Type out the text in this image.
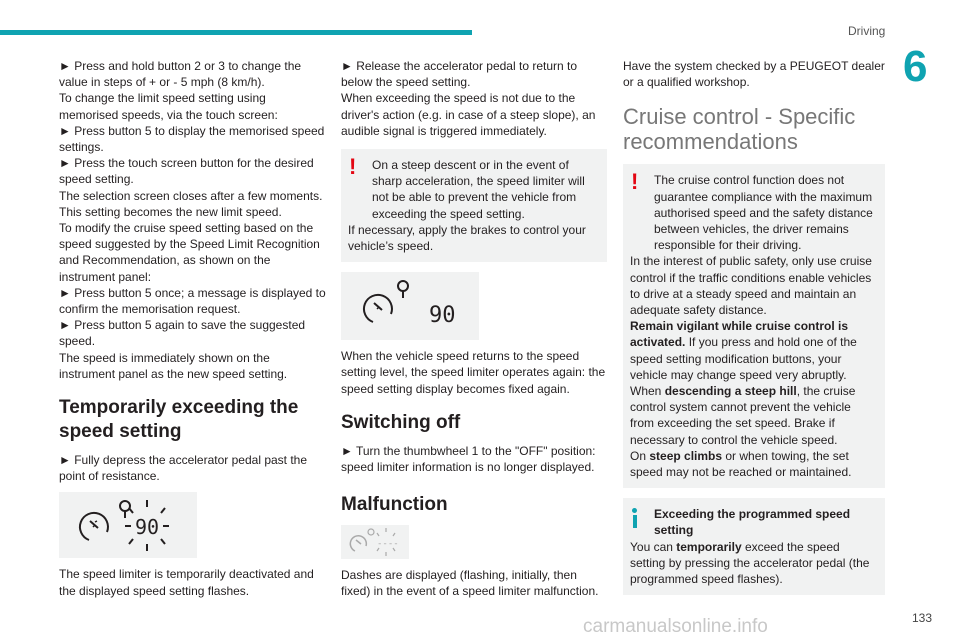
Driving
6
133
carmanualsonline.info

► Press and hold button 2 or 3 to change the value in steps of + or - 5 mph (8 km/h).

To change the limit speed setting using memorised speeds, via the touch screen:

► Press button 5 to display the memorised speed settings.

► Press the touch screen button for the desired speed setting.

The selection screen closes after a few moments.

This setting becomes the new limit speed.

To modify the cruise speed setting based on the speed suggested by the Speed Limit Recognition and Recommendation, as shown on the instrument panel:

► Press button 5 once; a message is displayed to confirm the memorisation request.

► Press button 5 again to save the suggested speed.

The speed is immediately shown on the instrument panel as the new speed setting.

Temporarily exceeding the speed setting

► Fully depress the accelerator pedal past the point of resistance.

90

The speed limiter is temporarily deactivated and the displayed speed setting flashes.

► Release the accelerator pedal to return to below the speed setting.

When exceeding the speed is not due to the driver's action (e.g. in case of a steep slope), an audible signal is triggered immediately.

!	On a steep descent or in the event of sharp acceleration, the speed limiter will not be able to prevent the vehicle from exceeding the speed setting.

If necessary, apply the brakes to control your vehicle’s speed.

90

When the vehicle speed returns to the speed setting level, the speed limiter operates again: the speed setting display becomes fixed again.

Switching off

► Turn the thumbwheel 1 to the "OFF" position: speed limiter information is no longer displayed.

Malfunction
----

Dashes are displayed (flashing, initially, then fixed) in the event of a speed limiter malfunction.

Have the system checked by a PEUGEOT dealer or a qualified workshop.

Cruise control - Specific recommendations
!	The cruise control function does not guarantee compliance with the maximum authorised speed and the safety distance between vehicles, the driver remains responsible for their driving.

In the interest of public safety, only use cruise control if the traffic conditions enable vehicles to drive at a steady speed and maintain an adequate safety distance.

Remain vigilant while cruise control is activated. If you press and hold one of the speed setting modification buttons, your vehicle may change speed very abruptly.

When descending a steep hill, the cruise control system cannot prevent the vehicle from exceeding the set speed. Brake if necessary to control the vehicle speed.

On steep climbs or when towing, the set speed may not be reached or maintained.

Exceeding the programmed speed setting

You can temporarily exceed the speed setting by pressing the accelerator pedal (the programmed speed flashes).
